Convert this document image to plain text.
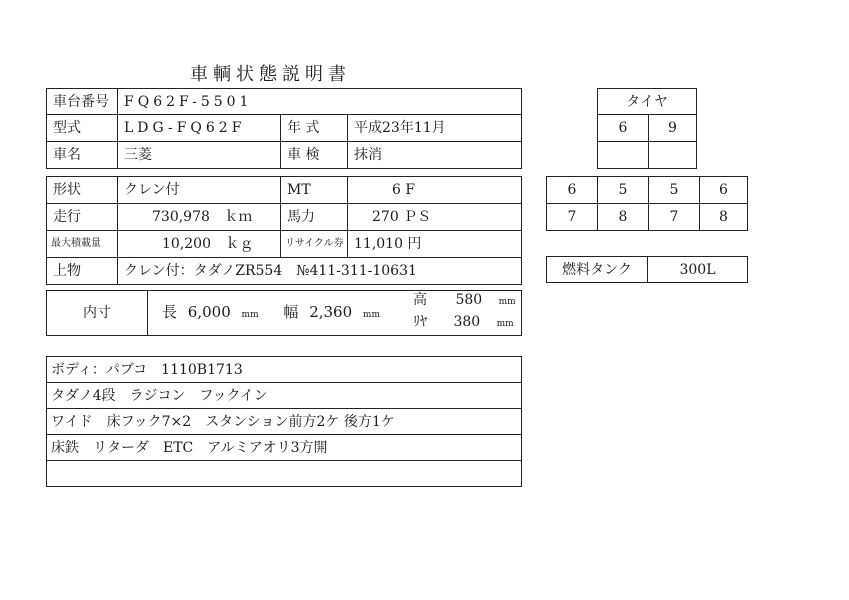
車輌状態説明書
車台番号	FQ62F-5501		
型式	LDG-FQ62F	年 式	平成23年11月
車名	三菱	車 検	抹消
形状	クレン付	MT	6 F
走行	730,978 ｋｍ	馬力	270 ＰＳ
最大積載量	10,200 ｋｇ	リサイクル券	11,010 円
上物	クレン付：タダノZR554　№411-311-10631		
内寸	長 6,000 mm 幅 2,360 mm
高 580 mm
ﾘﾔ 380 mm
ボディ：パブコ　1110B1713
タダノ4段　ラジコン　フックイン
ワイド　床フック7×2　スタンション前方2ケ 後方1ケ
床鉄　リターダ　ETC　アルミアオリ3方開

タイヤ	
6	9

6	5	5	6
7	8	7	8
燃料タンク	300L
